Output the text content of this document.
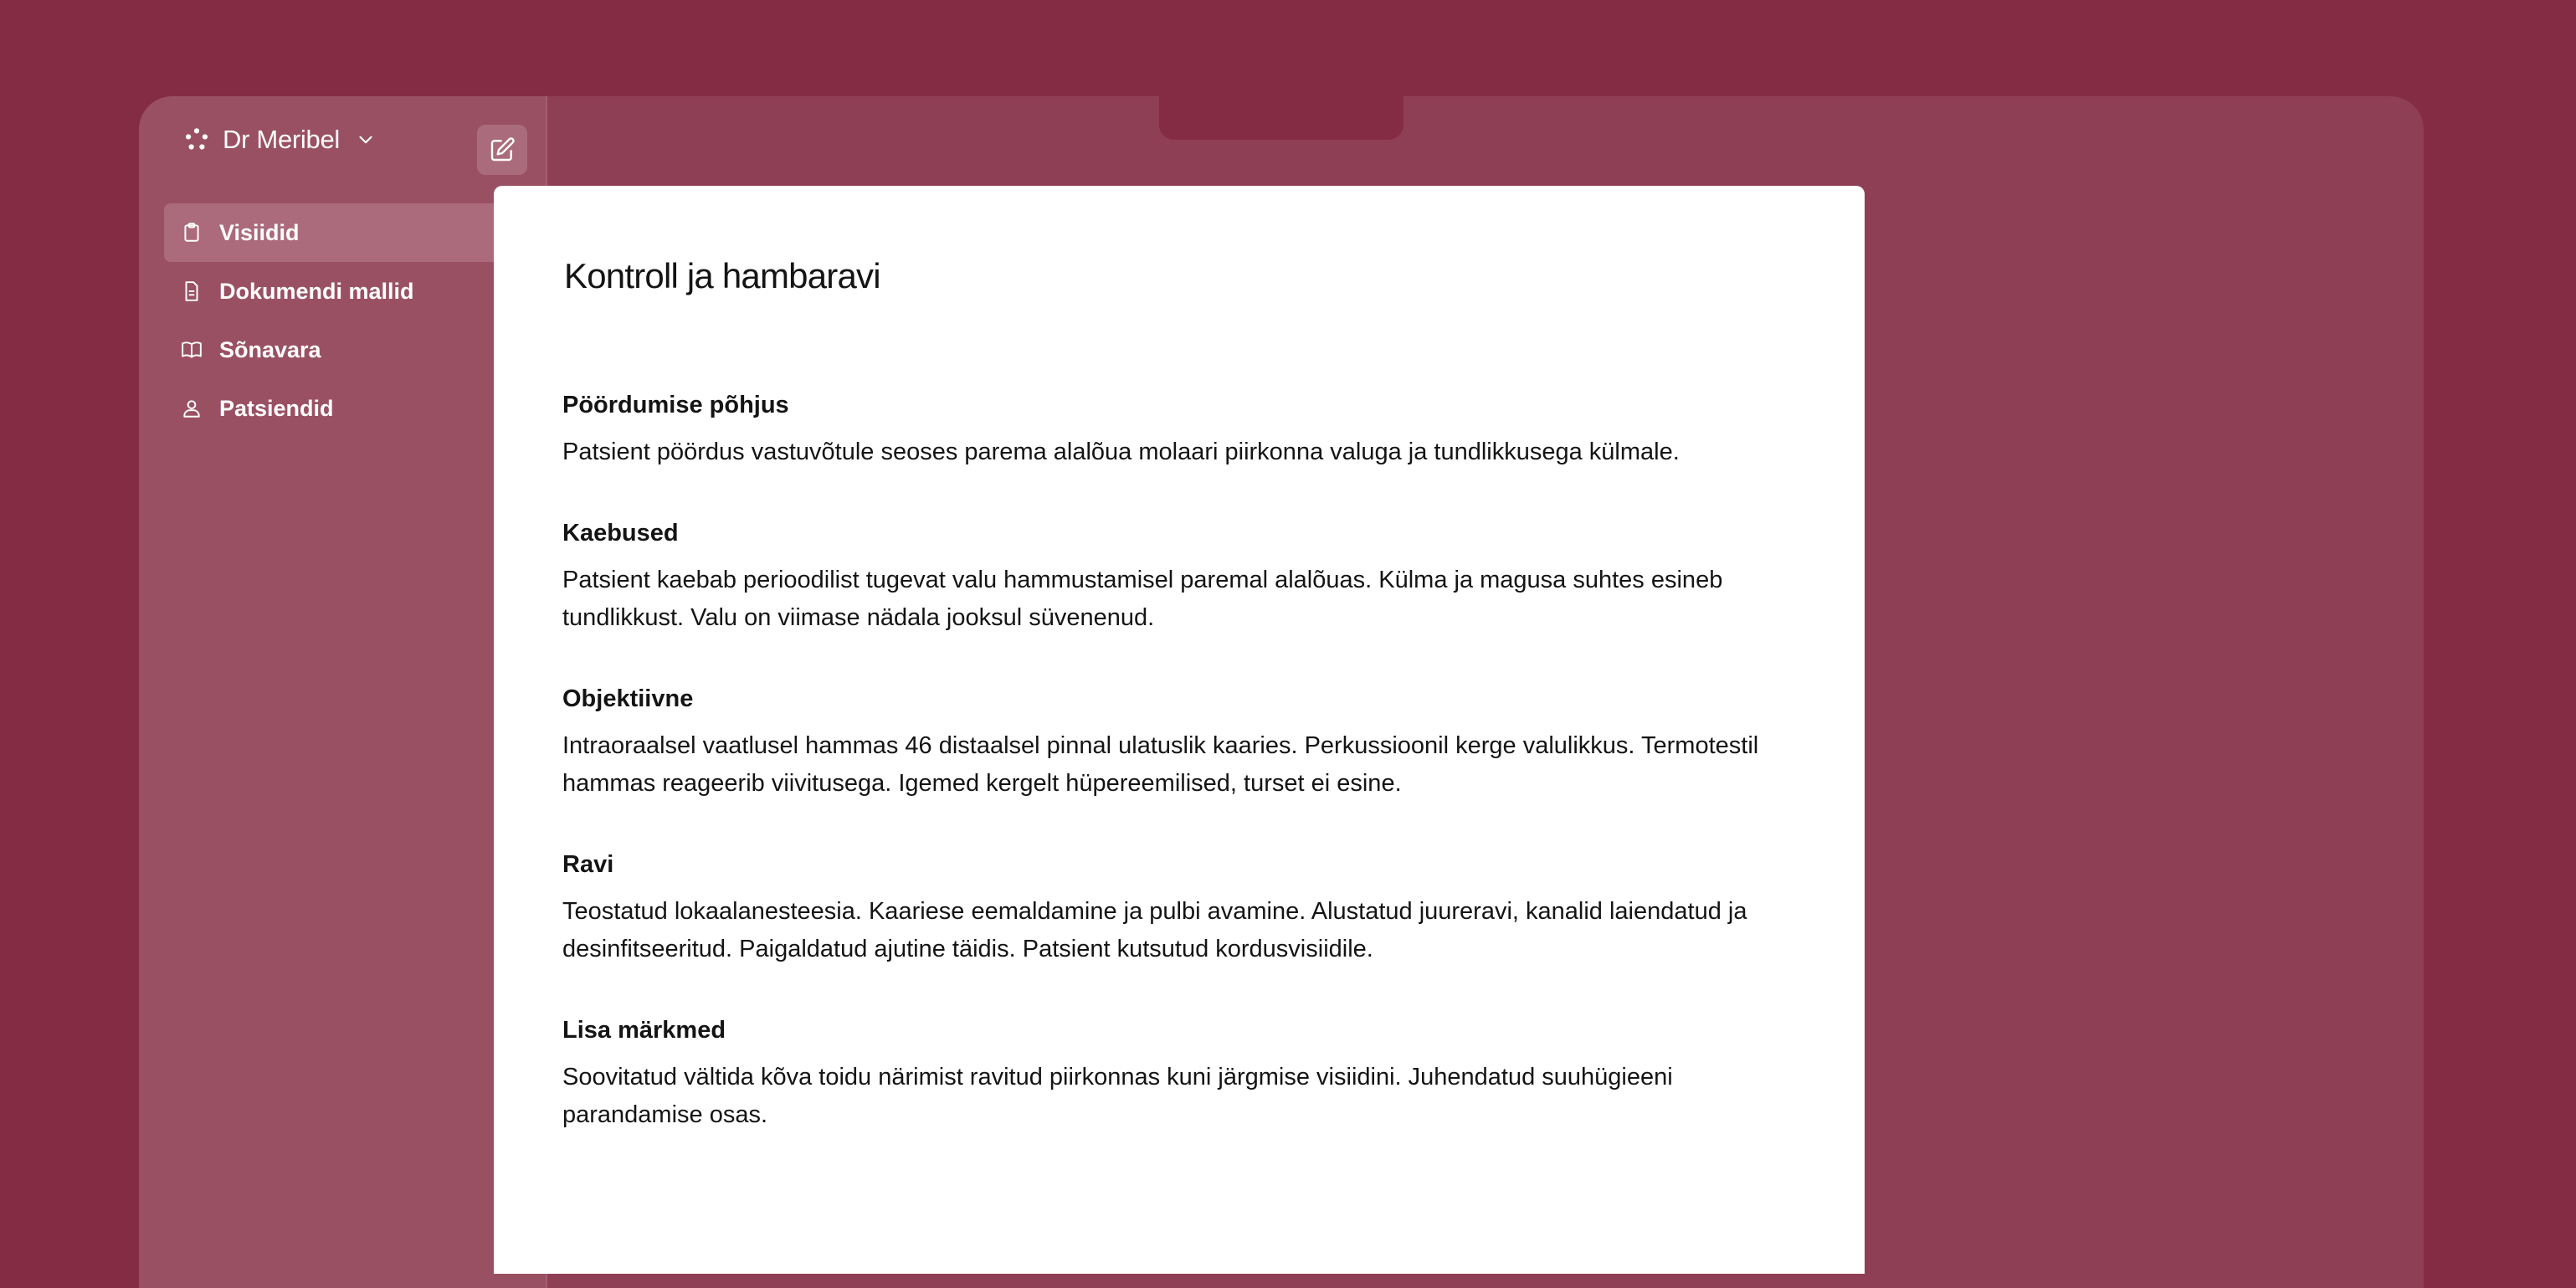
Dr Meribel
Visiidid
Dokumendi mallid
Sõnavara
Patsiendid
Kontroll ja hambaravi
Pöördumise põhjus
Patsient pöördus vastuvõtule seoses parema alalõua molaari piirkonna valuga ja tundlikkusega külmale.
Kaebused
Patsient kaebab perioodilist tugevat valu hammustamisel paremal alalõuas. Külma ja magusa suhtes esineb tundlikkust. Valu on viimase nädala jooksul süvenenud.
Objektiivne
Intraoraalsel vaatlusel hammas 46 distaalsel pinnal ulatuslik kaaries. Perkussioonil kerge valulikkus. Termotestil hammas reageerib viivitusega. Igemed kergelt hüpereemilised, turset ei esine.
Ravi
Teostatud lokaalanesteesia. Kaariese eemaldamine ja pulbi avamine. Alustatud juureravi, kanalid laiendatud ja desinfitseeritud. Paigaldatud ajutine täidis. Patsient kutsutud kordusvisiidile.
Lisa märkmed
Soovitatud vältida kõva toidu närimist ravitud piirkonnas kuni järgmise visiidini. Juhendatud suuhügieeni parandamise osas.
